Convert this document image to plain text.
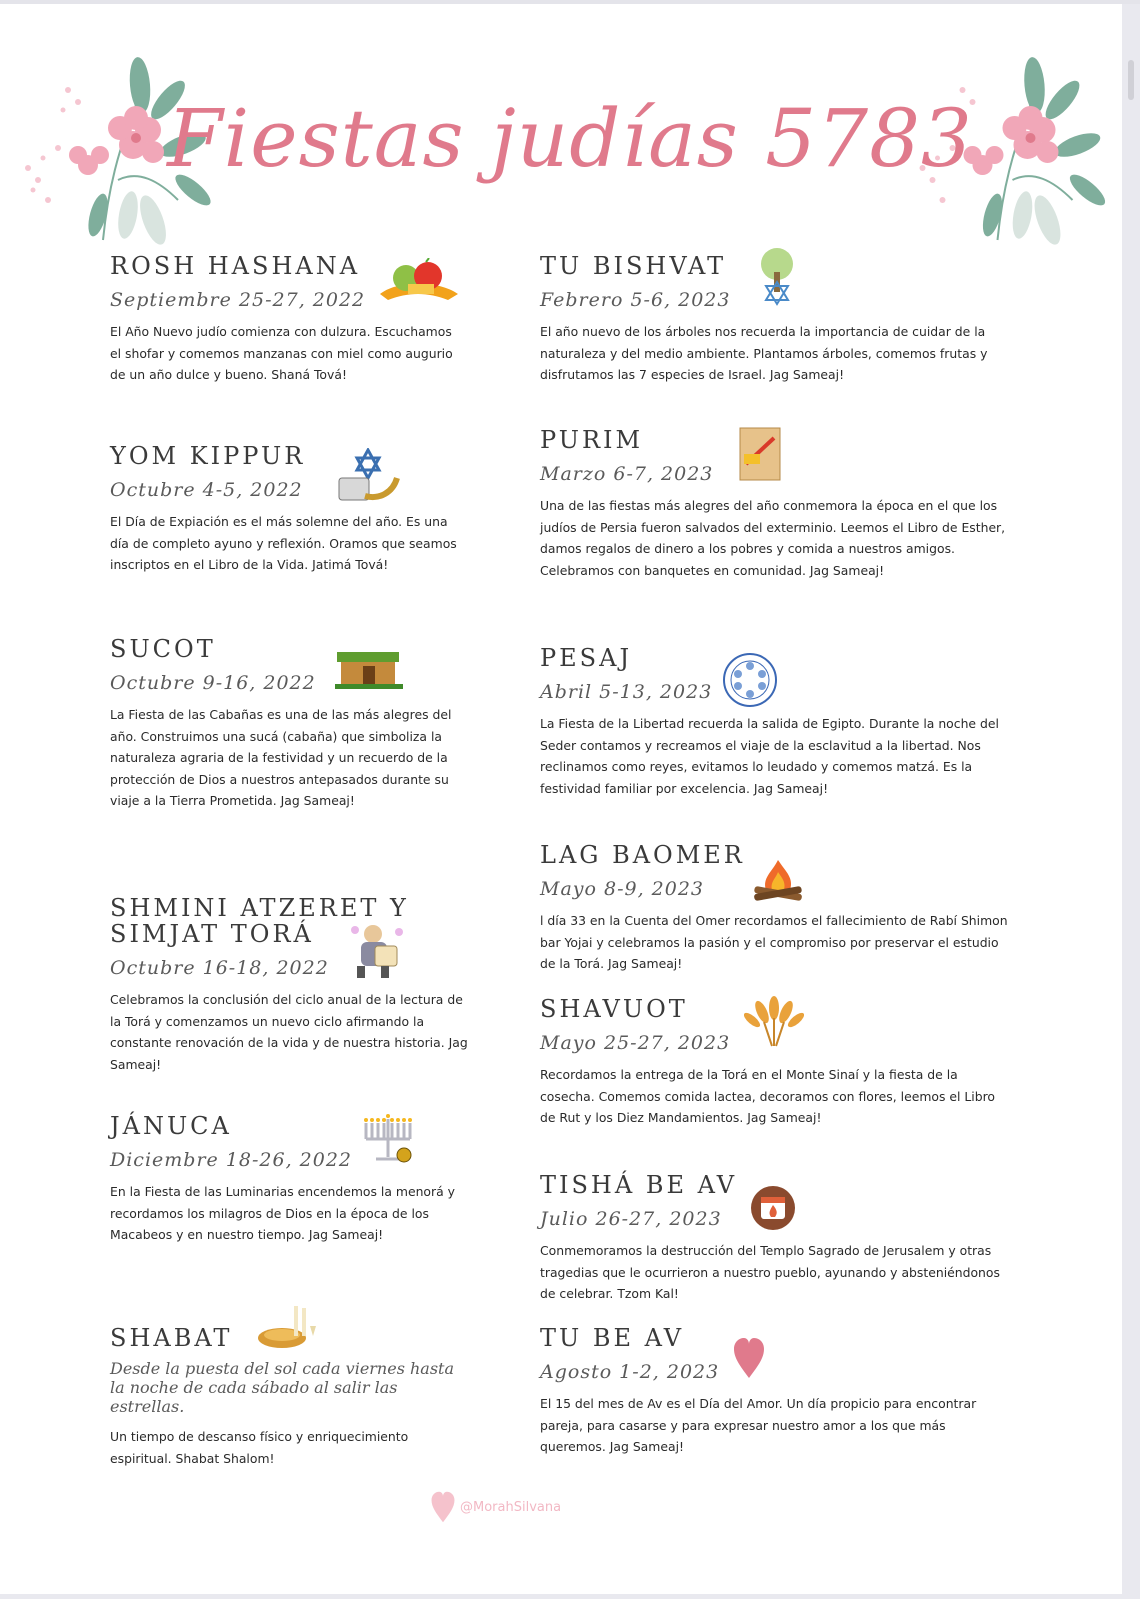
Fiestas judías 5783
ROSH HASHANA
Septiembre 25-27, 2022
El Año Nuevo judío comienza con dulzura. Escuchamos el shofar y comemos manzanas con miel como augurio de un año dulce y bueno. Shaná Tová!
YOM KIPPUR
Octubre 4-5, 2022
El Día de Expiación es el más solemne del año. Es una día de completo ayuno y reflexión. Oramos que seamos inscriptos en el Libro de la Vida. Jatimá Tová!
SUCOT
Octubre 9-16, 2022
La Fiesta de las Cabañas es una de las más alegres del año. Construimos una sucá (cabaña) que simboliza la naturaleza agraria de la festividad y un recuerdo de la protección de Dios a nuestros antepasados durante su viaje a la Tierra Prometida. Jag Sameaj!
SHMINI ATZERET Y SIMJAT TORÁ
Octubre 16-18, 2022
Celebramos la conclusión del ciclo anual de la lectura de la Torá y comenzamos un nuevo ciclo afirmando la constante renovación de la vida y de nuestra historia. Jag Sameaj!
JÁNUCA
Diciembre 18-26, 2022
En la Fiesta de las Luminarias encendemos la menorá y recordamos los milagros de Dios en la época de los Macabeos y en nuestro tiempo. Jag Sameaj!
SHABAT
Desde la puesta del sol cada viernes hasta la noche de cada sábado al salir las estrellas.
Un tiempo de descanso físico y enriquecimiento espiritual. Shabat Shalom!
TU BISHVAT
Febrero 5-6, 2023
El año nuevo de los árboles nos recuerda la importancia de cuidar de la naturaleza y del medio ambiente. Plantamos árboles, comemos frutas y disfrutamos las 7 especies de Israel. Jag Sameaj!
PURIM
Marzo 6-7, 2023
Una de las fiestas más alegres del año conmemora la época en el que los judíos de Persia fueron salvados del exterminio. Leemos el Libro de Esther, damos regalos de dinero a los pobres y comida a nuestros amigos. Celebramos con banquetes en comunidad. Jag Sameaj!
PESAJ
Abril 5-13, 2023
La Fiesta de la Libertad recuerda la salida de Egipto. Durante la noche del Seder contamos y recreamos el viaje de la esclavitud a la libertad. Nos reclinamos como reyes, evitamos lo leudado y comemos matzá. Es la festividad familiar por excelencia. Jag Sameaj!
LAG BAOMER
Mayo 8-9, 2023
l día 33 en la Cuenta del Omer recordamos el fallecimiento de Rabí Shimon bar Yojai y celebramos la pasión y el compromiso por preservar el estudio de la Torá. Jag Sameaj!
SHAVUOT
Mayo 25-27, 2023
Recordamos la entrega de la Torá en el Monte Sinaí y la fiesta de la cosecha. Comemos comida lactea, decoramos con flores, leemos el Libro de Rut y los Diez Mandamientos. Jag Sameaj!
TISHÁ BE AV
Julio 26-27, 2023
Conmemoramos la destrucción del Templo Sagrado de Jerusalem y otras tragedias que le ocurrieron a nuestro pueblo, ayunando y absteniéndonos de celebrar. Tzom Kal!
TU BE AV
Agosto 1-2, 2023
El 15 del mes de Av es el Día del Amor. Un día propicio para encontrar pareja, para casarse y para expresar nuestro amor a los que más queremos. Jag Sameaj!
@MorahSilvana
